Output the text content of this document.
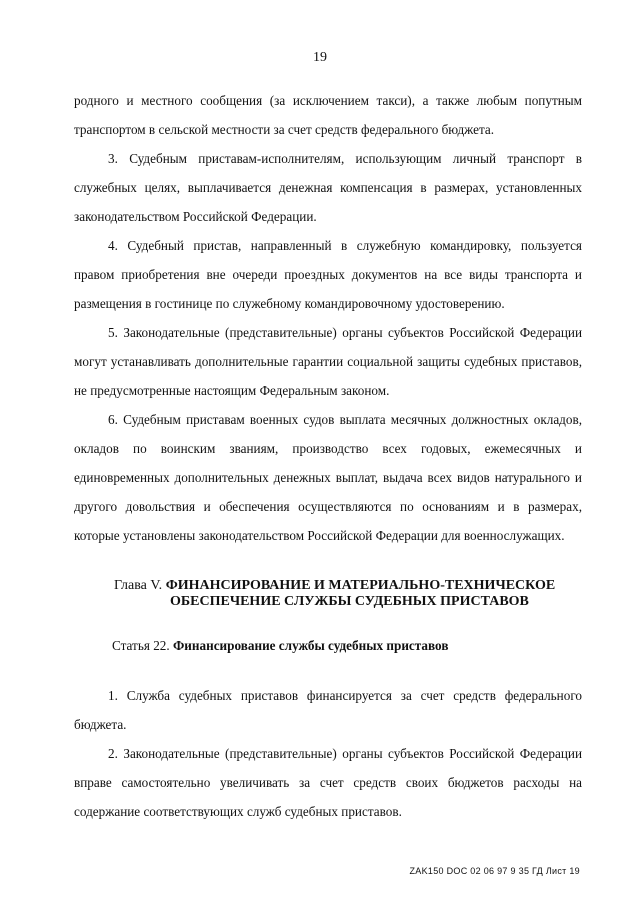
19

родного и местного сообщения (за исключением такси), а также любым попутным транспортом в сельской местности за счет средств федерального бюджета.

3. Судебным приставам-исполнителям, использующим личный транспорт в служебных целях, выплачивается денежная компенсация в размерах, установленных законодательством Российской Федерации.

4. Судебный пристав, направленный в служебную командировку, пользуется правом приобретения вне очереди проездных документов на все виды транспорта и размещения в гостинице по служебному командировочному удостоверению.

5. Законодательные (представительные) органы субъектов Российской Федерации могут устанавливать дополнительные гарантии социальной защиты судебных приставов, не предусмотренные настоящим Федеральным законом.

6. Судебным приставам военных судов выплата месячных должностных окладов, окладов по воинским званиям, производство всех годовых, ежемесячных и единовременных дополнительных денежных выплат, выдача всех видов натурального и другого довольствия и обеспечения осуществляются по основаниям и в размерах, которые установлены законодательством Российской Федерации для военнослужащих.

Глава V. ФИНАНСИРОВАНИЕ И МАТЕРИАЛЬНО-ТЕХНИЧЕСКОЕ
ОБЕСПЕЧЕНИЕ СЛУЖБЫ СУДЕБНЫХ ПРИСТАВОВ
Статья 22. Финансирование службы судебных приставов

1. Служба судебных приставов финансируется за счет средств федерального бюджета.

2. Законодательные (представительные) органы субъектов Российской Федерации вправе самостоятельно увеличивать за счет средств своих бюджетов расходы на содержание соответствующих служб судебных приставов.

ZAK150 DOC 02 06 97 9 35 ГД Лист 19
